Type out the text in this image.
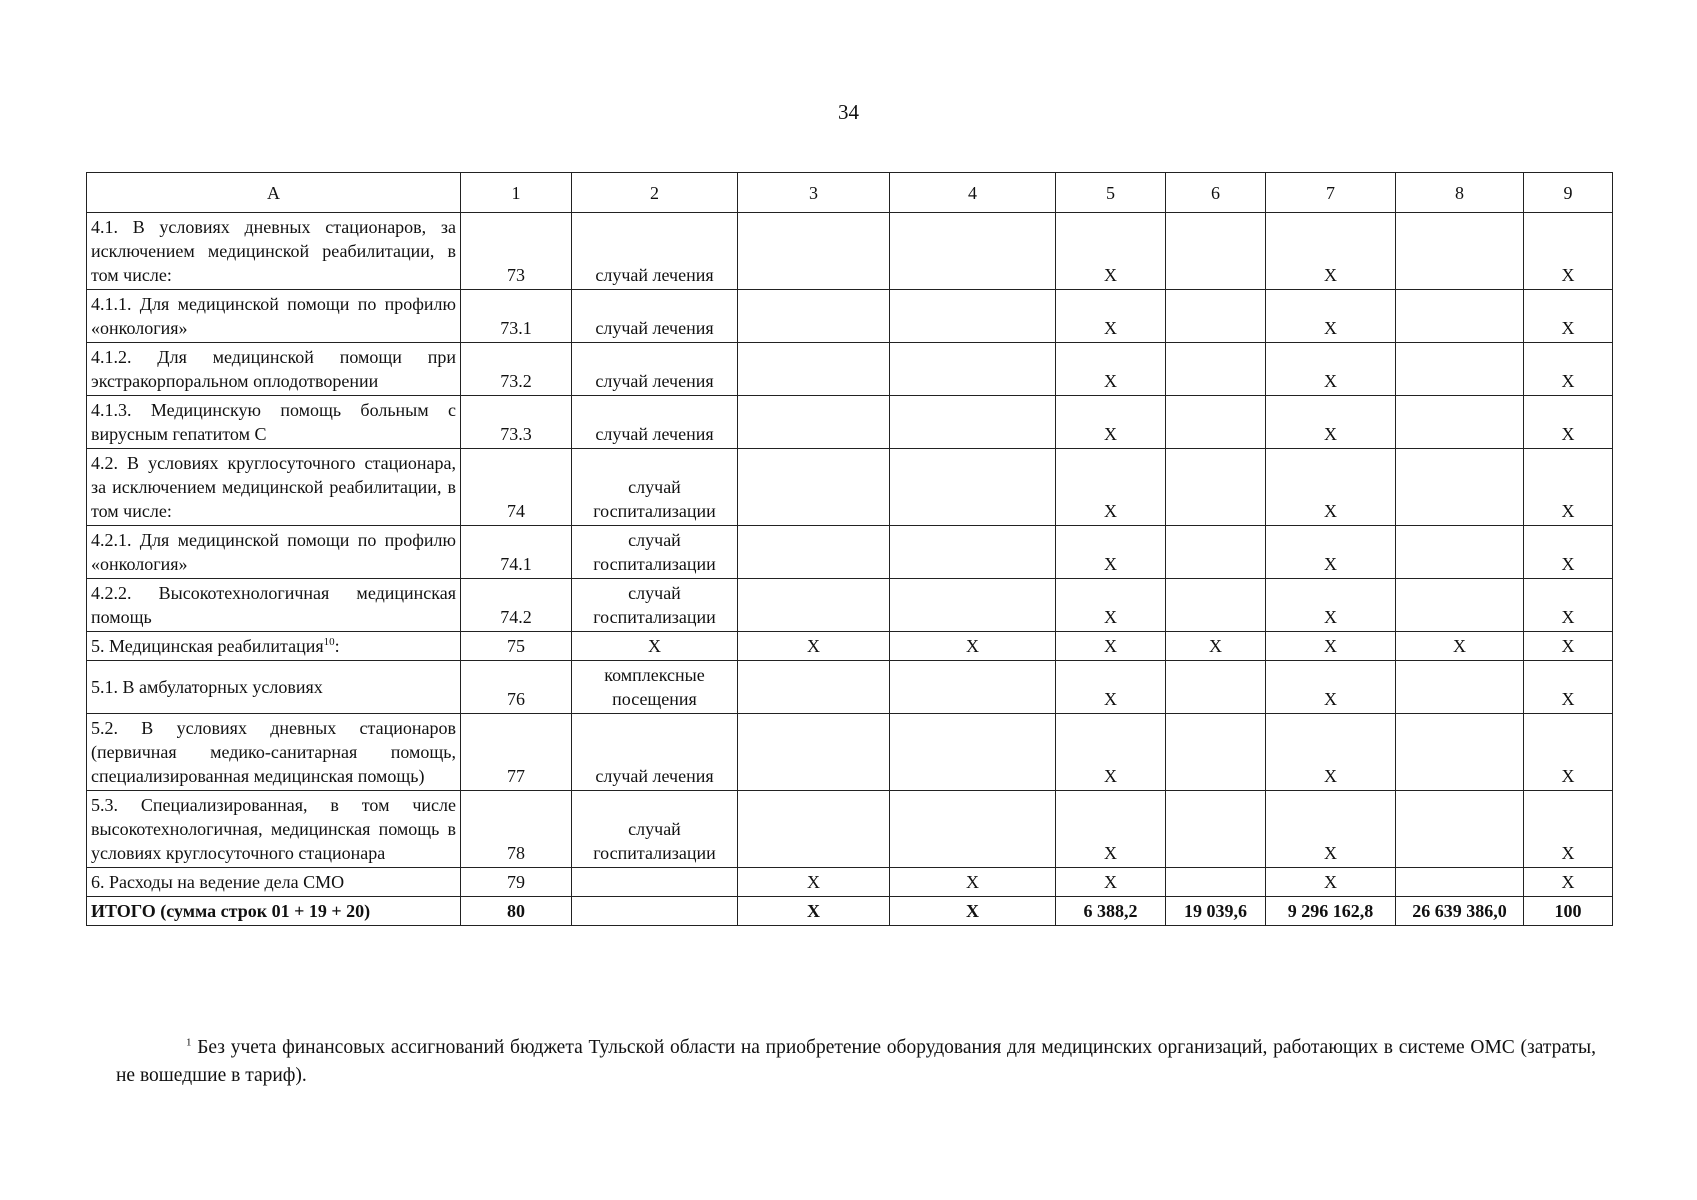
34
А	1	2	3	4	5	6	7	8	9
4.1. В условиях дневных стационаров, за исключением медицинской реабилитации, в том числе:	73	случай лечения			Х		Х		Х
4.1.1. Для медицинской помощи по профилю «онкология»	73.1	случай лечения			Х		Х		Х
4.1.2. Для медицинской помощи при экстракорпоральном оплодотворении	73.2	случай лечения			Х		Х		Х
4.1.3. Медицинскую помощь больным с вирусным гепатитом С	73.3	случай лечения			Х		Х		Х
4.2. В условиях круглосуточного стационара, за исключением медицинской реабилитации, в том числе:	74	случай госпитализации			Х		Х		Х
4.2.1. Для медицинской помощи по профилю «онкология»	74.1	случай госпитализации			Х		Х		Х
4.2.2. Высокотехнологичная медицинская помощь	74.2	случай госпитализации			Х		Х		Х
5. Медицинская реабилитация$^{10}$:	75	Х	Х	Х	Х	Х	Х	Х	Х
5.1. В амбулаторных условиях	76	комплексные посещения			Х		Х		Х
5.2. В условиях дневных стационаров (первичная медико-санитарная помощь, специализированная медицинская помощь)	77	случай лечения			Х		Х		Х
5.3. Специализированная, в том числе высокотехнологичная, медицинская помощь в условиях круглосуточного стационара	78	случай госпитализации			Х		Х		Х
6. Расходы на ведение дела СМО	79		Х	Х	Х		Х		Х
ИТОГО (сумма строк 01 + 19 + 20)	80		Х	Х	6 388,2	19 039,6	9 296 162,8	26 639 386,0	100
$^1$ Без учета финансовых ассигнований бюджета Тульской области на приобретение оборудования для медицинских организаций, работающих в системе ОМС (затраты, не вошедшие в тариф).
